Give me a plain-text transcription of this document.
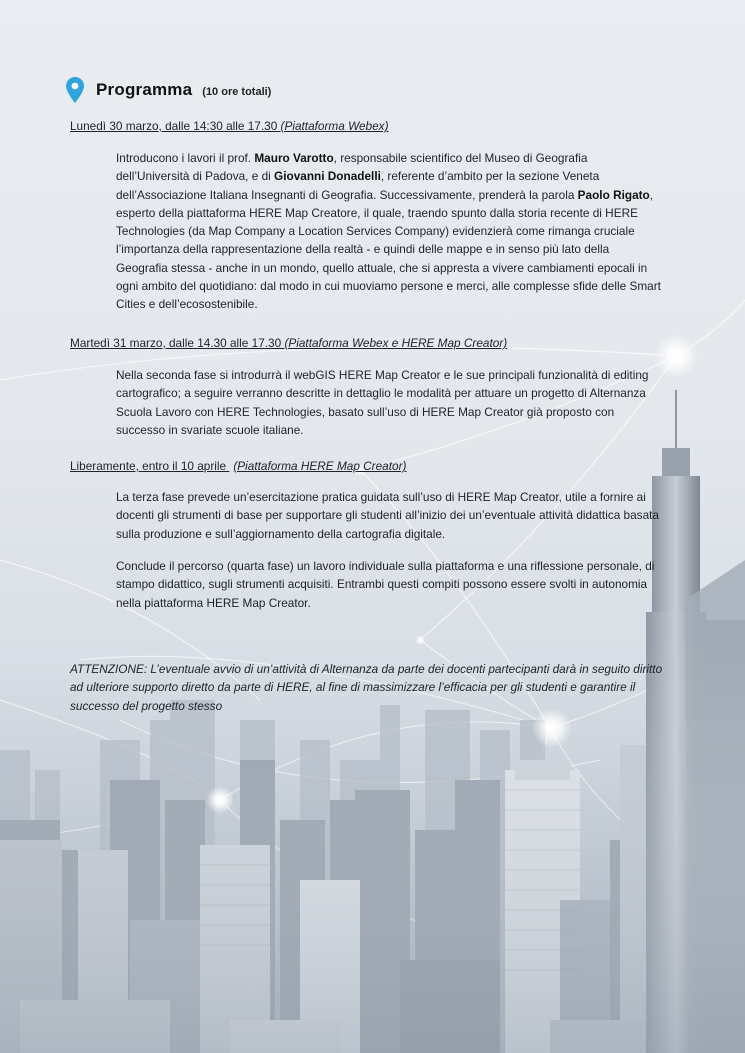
Programma (10 ore totali)
Lunedì 30 marzo, dalle 14:30 alle 17.30 (Piattaforma Webex)

Introducono i lavori il prof. Mauro Varotto, responsabile scientifico del Museo di Geografia dell’Università di Padova, e di Giovanni Donadelli, referente d’ambito per la sezione Veneta dell’Associazione Italiana Insegnanti di Geografia. Successivamente, prenderà la parola Paolo Rigato, esperto della piattaforma HERE Map Creatore, il quale, traendo spunto dalla storia recente di HERE Technologies (da Map Company a Location Services Company) evidenzierà come rimanga cruciale l’importanza della rappresentazione della realtà - e quindi delle mappe e in senso più lato della Geografia stessa - anche in un mondo, quello attuale, che si appresta a vivere cambiamenti epocali in ogni ambito del quotidiano: dal modo in cui muoviamo persone e merci, alle complesse sfide delle Smart Cities e dell’ecosostenibile.

Martedì 31 marzo, dalle 14.30 alle 17.30 (Piattaforma Webex e HERE Map Creator)

Nella seconda fase si introdurrà il webGIS HERE Map Creator e le sue principali funzionalità di editing cartografico; a seguire verranno descritte in dettaglio le modalità per attuare un progetto di Alternanza Scuola Lavoro con HERE Technologies, basato sull’uso di HERE Map Creator già proposto con successo in svariate scuole italiane.

Liberamente, entro il 10 aprile (Piattaforma HERE Map Creator)

La terza fase prevede un’esercitazione pratica guidata sull’uso di HERE Map Creator, utile a fornire ai docenti gli strumenti di base per supportare gli studenti all’inizio dei un’eventuale attività didattica basata sulla produzione e sull’aggiornamento della cartografia digitale.

Conclude il percorso (quarta fase) un lavoro individuale sulla piattaforma e una riflessione personale, di stampo didattico, sugli strumenti acquisiti. Entrambi questi compiti possono essere svolti in autonomia nella piattaforma HERE Map Creator.

ATTENZIONE: L’eventuale avvio di un’attività di Alternanza da parte dei docenti partecipanti darà in seguito diritto ad ulteriore supporto diretto da parte di HERE, al fine di massimizzare l’efficacia per gli studenti e garantire il successo del progetto stesso
